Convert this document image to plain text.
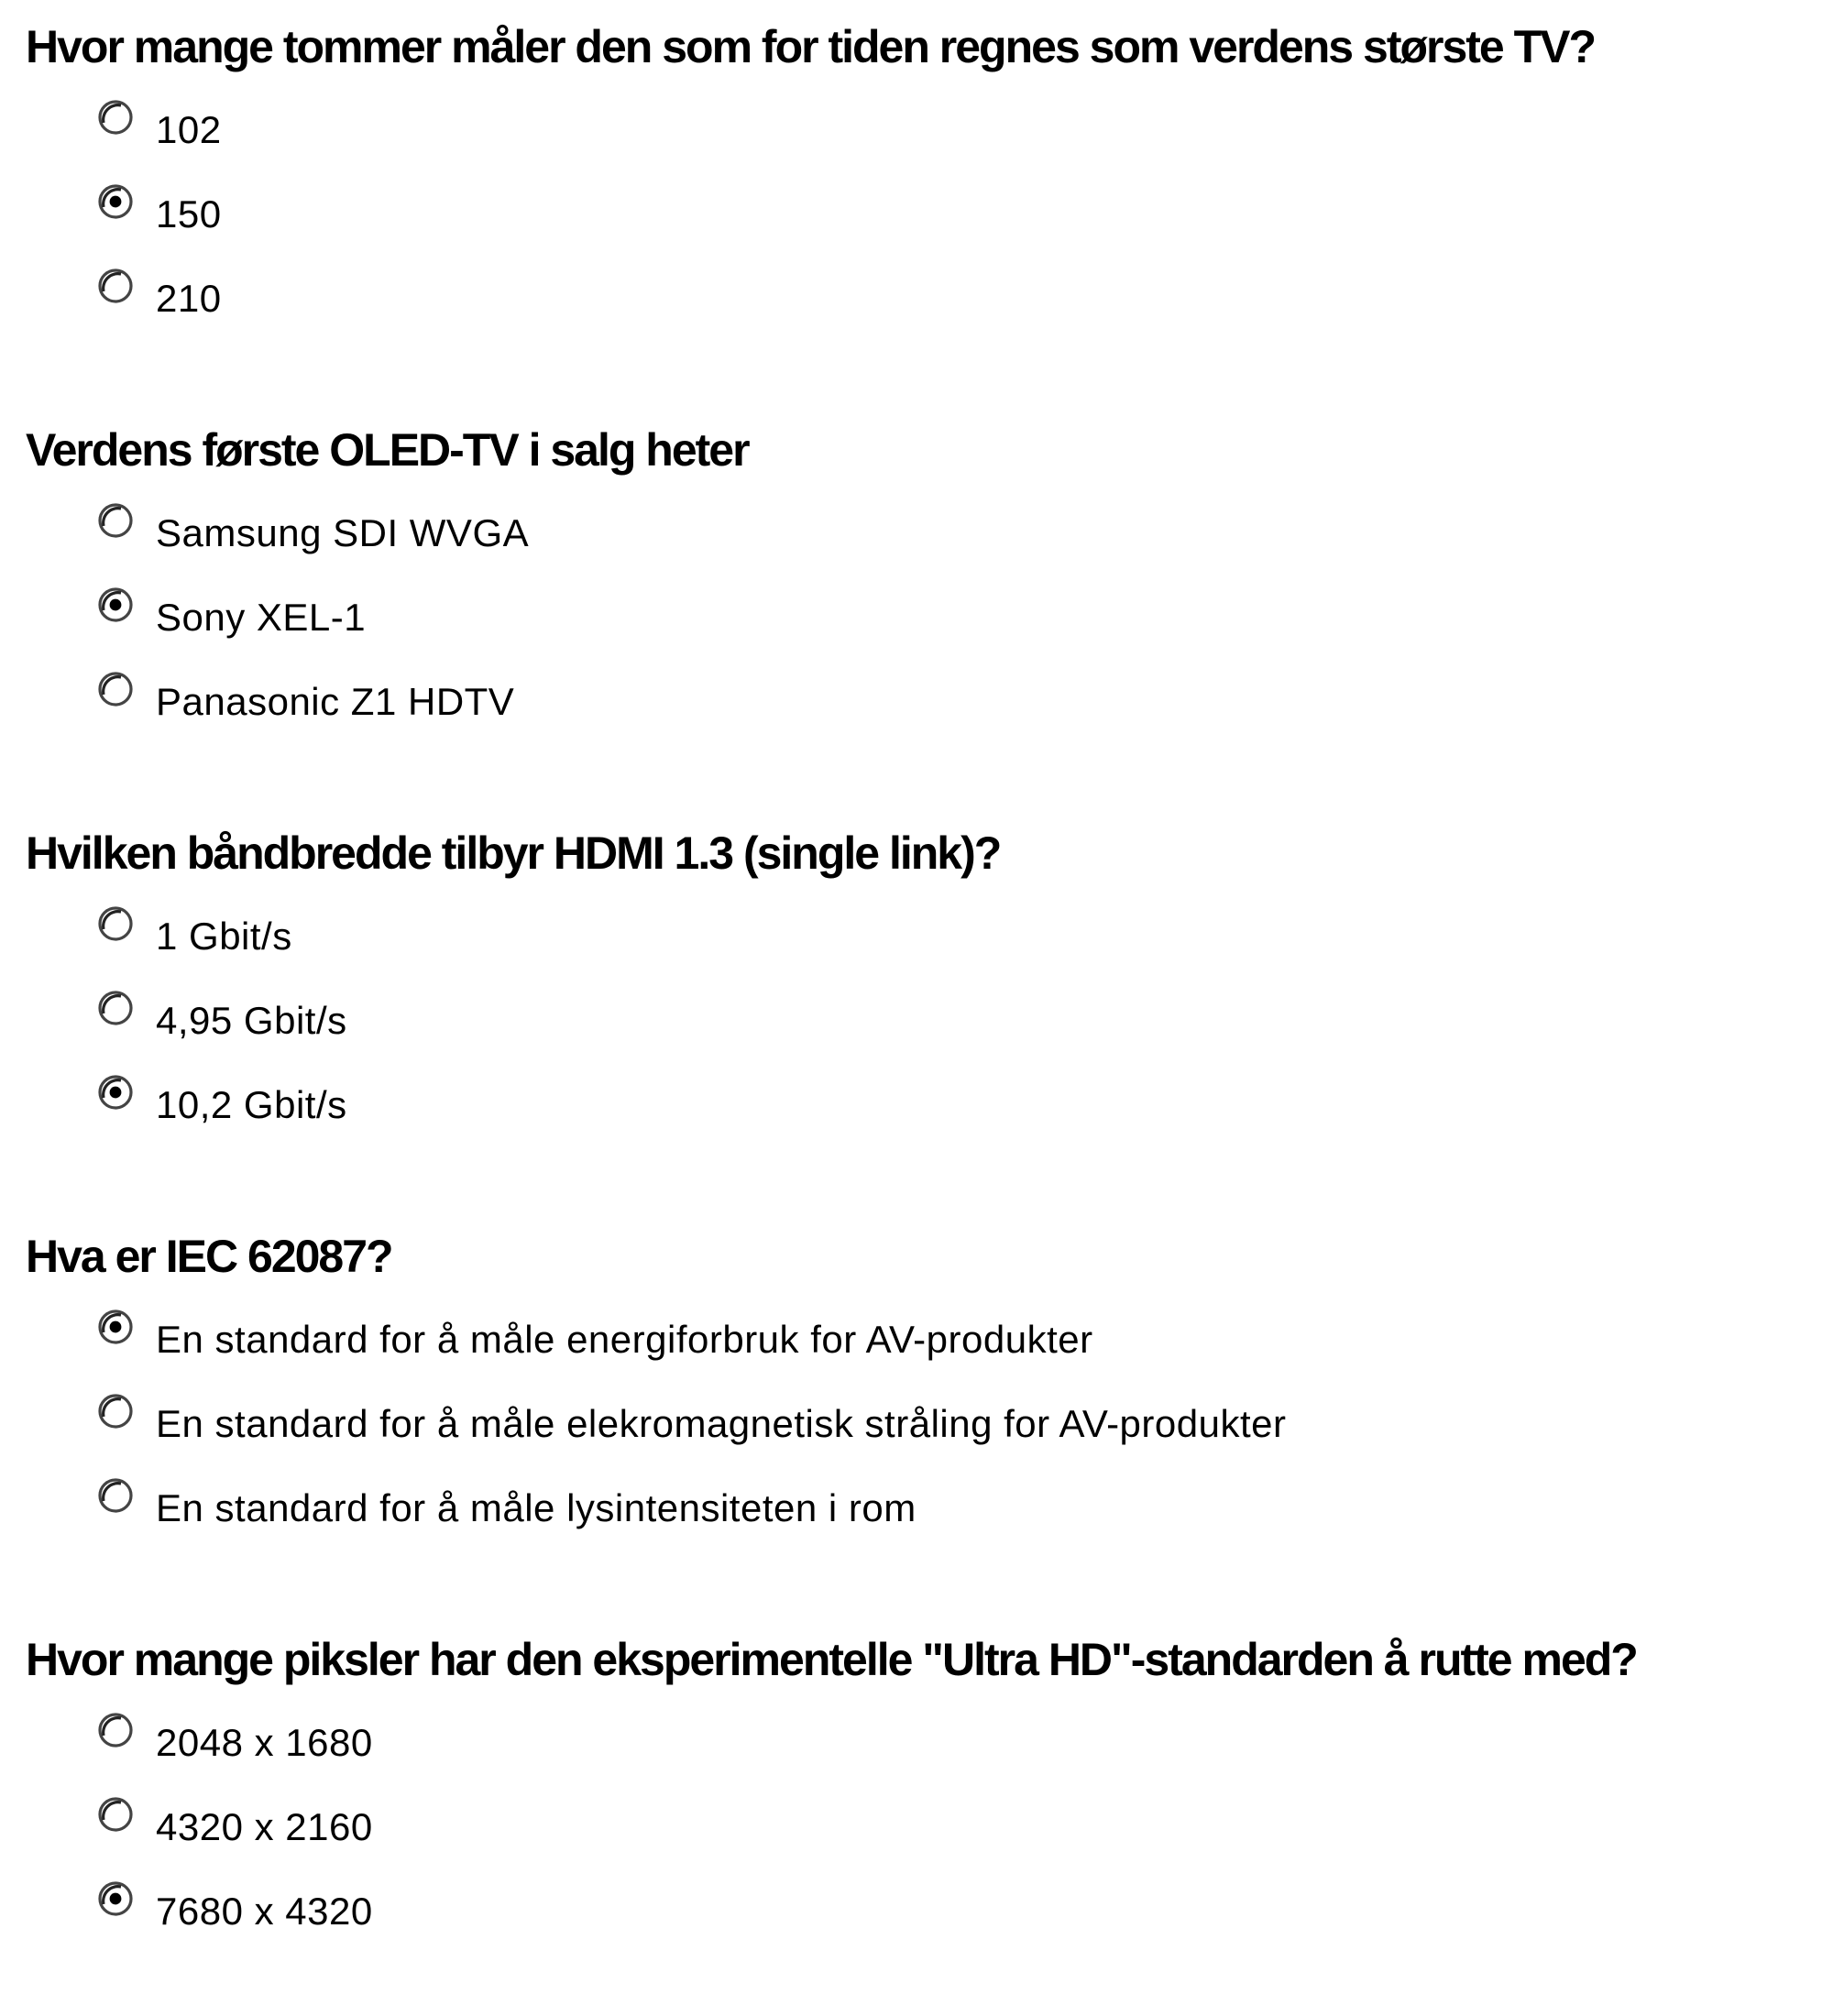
Hvor mange tommer måler den som for tiden regnes som verdens største TV?
102
150
210
Verdens første OLED-TV i salg heter
Samsung SDI WVGA
Sony XEL-1
Panasonic Z1 HDTV
Hvilken båndbredde tilbyr HDMI 1.3 (single link)?
1 Gbit/s
4,95 Gbit/s
10,2 Gbit/s
Hva er IEC 62087?
En standard for å måle energiforbruk for AV-produkter
En standard for å måle elekromagnetisk stråling for AV-produkter
En standard for å måle lysintensiteten i rom
Hvor mange piksler har den eksperimentelle "Ultra HD"-standarden å rutte med?
2048 x 1680
4320 x 2160
7680 x 4320
